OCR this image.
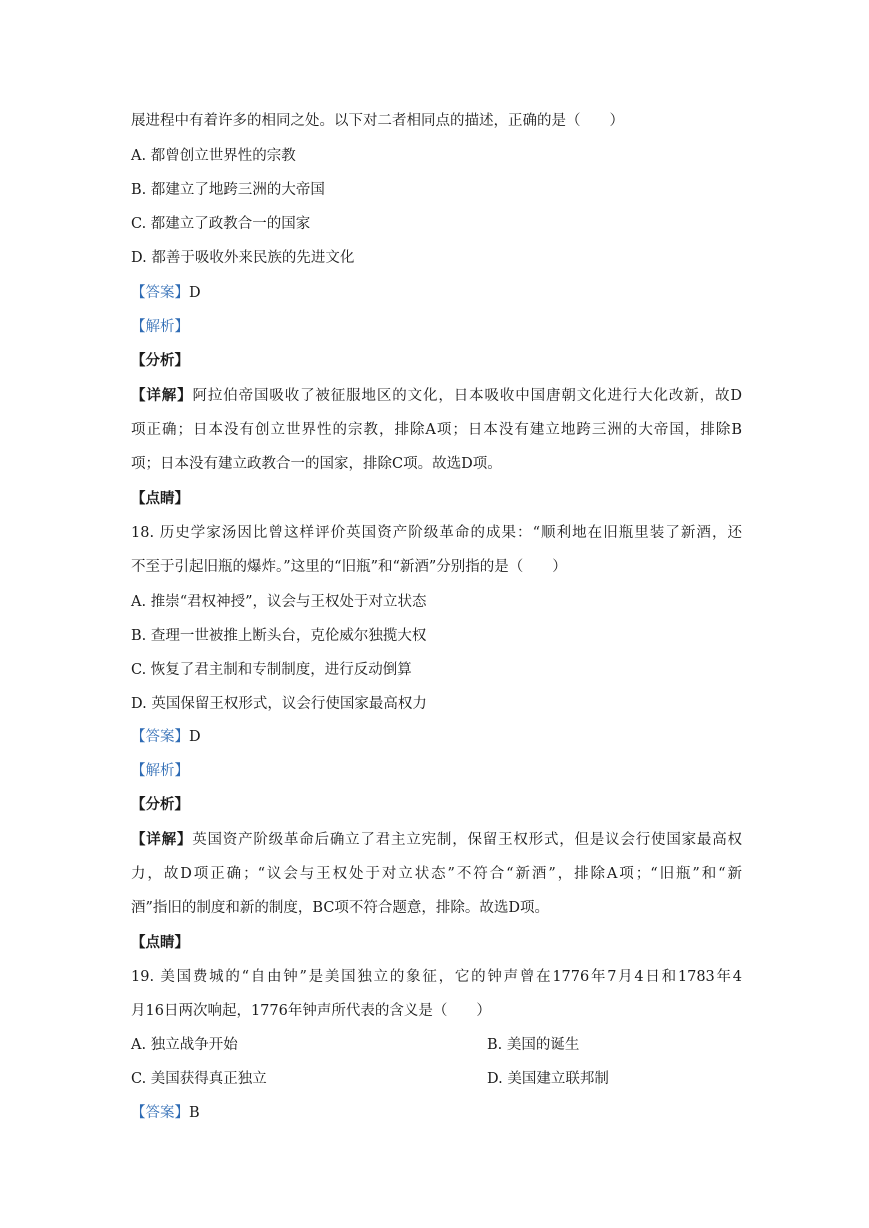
展进程中有着许多的相同之处。以下对二者相同点的描述，正确的是（　　）
A. 都曾创立世界性的宗教
B. 都建立了地跨三洲的大帝国
C. 都建立了政教合一的国家
D. 都善于吸收外来民族的先进文化
【答案】D
【解析】
【分析】
【详解】阿拉伯帝国吸收了被征服地区的文化，日本吸收中国唐朝文化进行大化改新，故D
项正确；日本没有创立世界性的宗教，排除A项；日本没有建立地跨三洲的大帝国，排除B
项；日本没有建立政教合一的国家，排除C项。故选D项。
【点睛】
18. 历史学家汤因比曾这样评价英国资产阶级革命的成果：“顺利地在旧瓶里装了新酒，还
不至于引起旧瓶的爆炸。”这里的“旧瓶”和“新酒”分别指的是（　　）
A. 推崇“君权神授”，议会与王权处于对立状态
B. 查理一世被推上断头台，克伦威尔独揽大权
C. 恢复了君主制和专制制度，进行反动倒算
D. 英国保留王权形式，议会行使国家最高权力
【答案】D
【解析】
【分析】
【详解】英国资产阶级革命后确立了君主立宪制，保留王权形式，但是议会行使国家最高权
力，故D项正确；“议会与王权处于对立状态”不符合“新酒”，排除A项；“旧瓶”和“新
酒”指旧的制度和新的制度，BC项不符合题意，排除。故选D项。
【点睛】
19. 美国费城的“自由钟”是美国独立的象征，它的钟声曾在1776年7月4日和1783年4
月16日两次响起，1776年钟声所代表的含义是（　　）
A. 独立战争开始	B. 美国的诞生
C. 美国获得真正独立	D. 美国建立联邦制
【答案】B
